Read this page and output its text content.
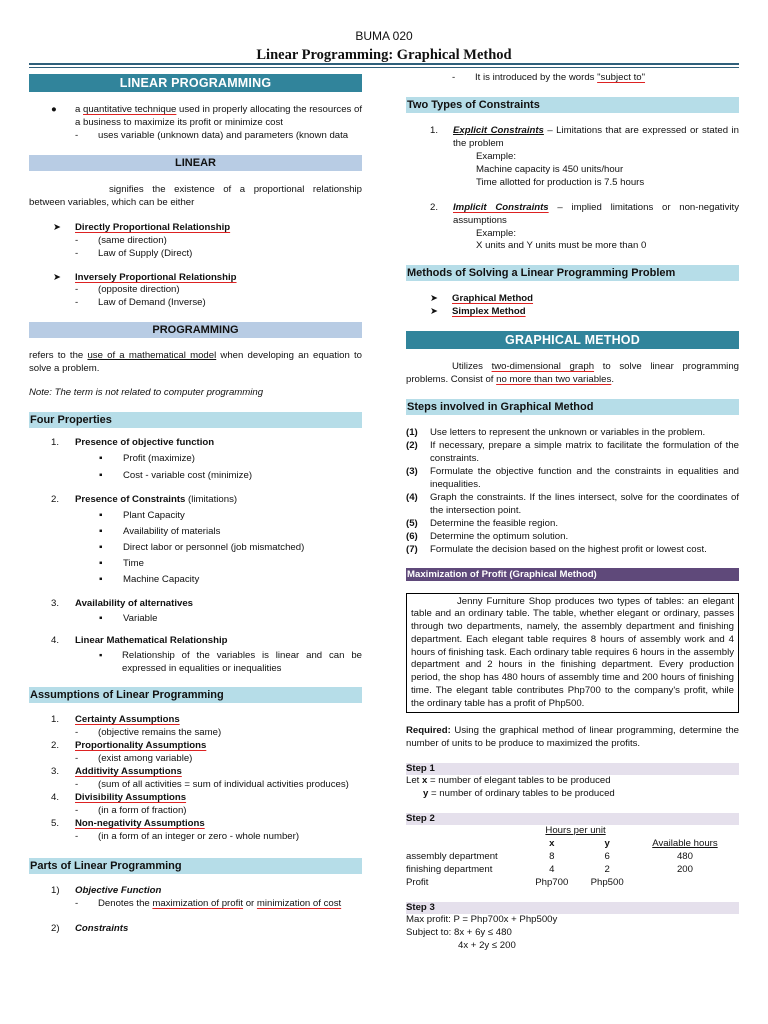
BUMA 020
Linear Programming: Graphical Method
LINEAR PROGRAMMING
●	a quantitative technique used in properly allocating the resources of a business to maximize its profit or minimize cost
-	uses variable (unknown data) and parameters (known data
LINEAR
signifies the existence of a proportional relationship between variables, which can be either
➤ Directly Proportional Relationship
- (same direction)
- Law of Supply (Direct)
➤ Inversely Proportional Relationship
- (opposite direction)
- Law of Demand (Inverse)
PROGRAMMING
refers to the use of a mathematical model when developing an equation to solve a problem.
Note: The term is not related to computer programming
Four Properties
1. Presence of objective function
▪ Profit (maximize)
▪ Cost - variable cost (minimize)
2. Presence of Constraints (limitations)
▪ Plant Capacity
▪ Availability of materials
▪ Direct labor or personnel (job mismatched)
▪ Time
▪ Machine Capacity
3. Availability of alternatives
▪ Variable
4. Linear Mathematical Relationship
▪	Relationship of the variables is linear and can be expressed in equalities or inequalities
Assumptions of Linear Programming
1. Certainty Assumptions
- (objective remains the same)
2. Proportionality Assumptions
- (exist among variable)
3. Additivity Assumptions
-	(sum of all activities = sum of individual activities produces)
4. Divisibility Assumptions
- (in a form of fraction)
5. Non-negativity Assumptions
- (in a form of an integer or zero - whole number)
Parts of Linear Programming
1) Objective Function
- Denotes the maximization of profit or minimization of cost
2) Constraints
- It is introduced by the words "subject to"
Two Types of Constraints
1.	Explicit Constraints – Limitations that are expressed or stated in the problem
Example:
Machine capacity is 450 units/hour
Time allotted for production is 7.5 hours
2.	Implicit Constraints – implied limitations or non-negativity assumptions
Example:
X units and Y units must be more than 0
Methods of Solving a Linear Programming Problem
➤ Graphical Method
➤ Simplex Method
GRAPHICAL METHOD
Utilizes two-dimensional graph to solve linear programming problems. Consist of no more than two variables.
Steps involved in Graphical Method
(1)	Use letters to represent the unknown or variables in the problem.
(2)	If necessary, prepare a simple matrix to facilitate the formulation of the constraints.
(3)	Formulate the objective function and the constraints in equalities and inequalities.
(4)	Graph the constraints. If the lines intersect, solve for the coordinates of the intersection point.
(5)	Determine the feasible region.
(6)	Determine the optimum solution.
(7)	Formulate the decision based on the highest profit or lowest cost.
Maximization of Profit (Graphical Method)
Jenny Furniture Shop produces two types of tables: an elegant table and an ordinary table. The table, whether elegant or ordinary, passes through two departments, namely, the assembly department and finishing department. Each elegant table requires 8 hours of assembly work and 4 hours of finishing task. Each ordinary table requires 6 hours in the assembly department and 2 hours in the finishing department. Every production period, the shop has 480 hours of assembly time and 200 hours of finishing time. The elegant table contributes Php700 to the company's profit, while the ordinary table has a profit of Php500.
Required: Using the graphical method of linear programming, determine the number of units to be produce to maximized the profits.
Step 1
Let x = number of elegant tables to be produced
y = number of ordinary tables to be produced
Step 2
	Hours per unit		
	x	y	Available hours
assembly department	8	6	480
finishing department	4	2	200
Profit	Php700	Php500	
Step 3
Max profit: P = Php700x + Php500y
Subject to: 8x + 6y ≤ 480
4x + 2y ≤ 200
